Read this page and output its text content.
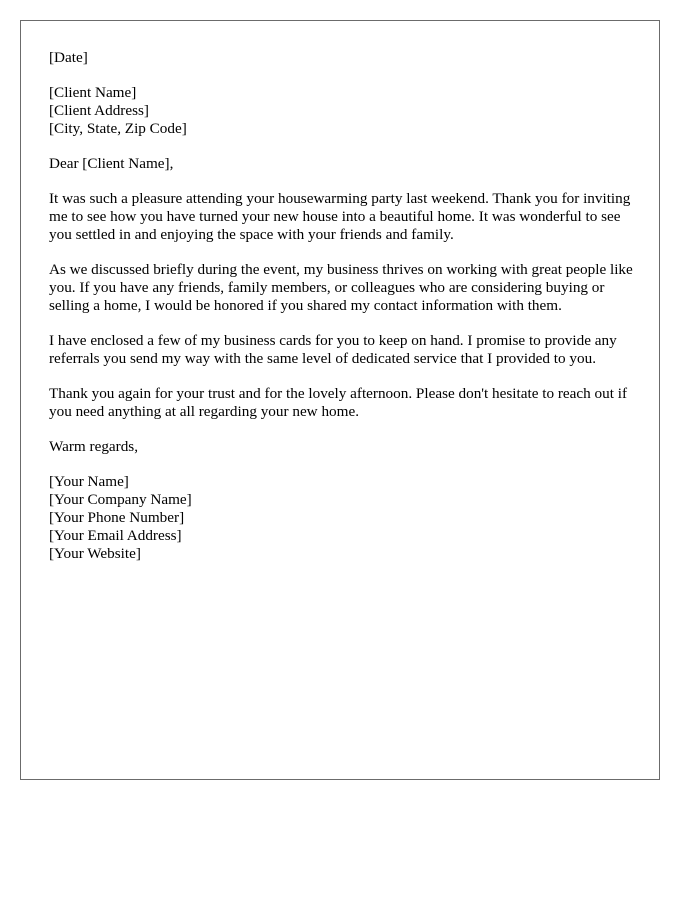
[Date]
[Client Name]
[Client Address]
[City, State, Zip Code]
Dear [Client Name],

It was such a pleasure attending your housewarming party last weekend. Thank you for inviting me to see how you have turned your new house into a beautiful home. It was wonderful to see you settled in and enjoying the space with your friends and family.

As we discussed briefly during the event, my business thrives on working with great people like you. If you have any friends, family members, or colleagues who are considering buying or selling a home, I would be honored if you shared my contact information with them.

I have enclosed a few of my business cards for you to keep on hand. I promise to provide any referrals you send my way with the same level of dedicated service that I provided to you.

Thank you again for your trust and for the lovely afternoon. Please don't hesitate to reach out if you need anything at all regarding your new home.

Warm regards,
[Your Name]
[Your Company Name]
[Your Phone Number]
[Your Email Address]
[Your Website]
